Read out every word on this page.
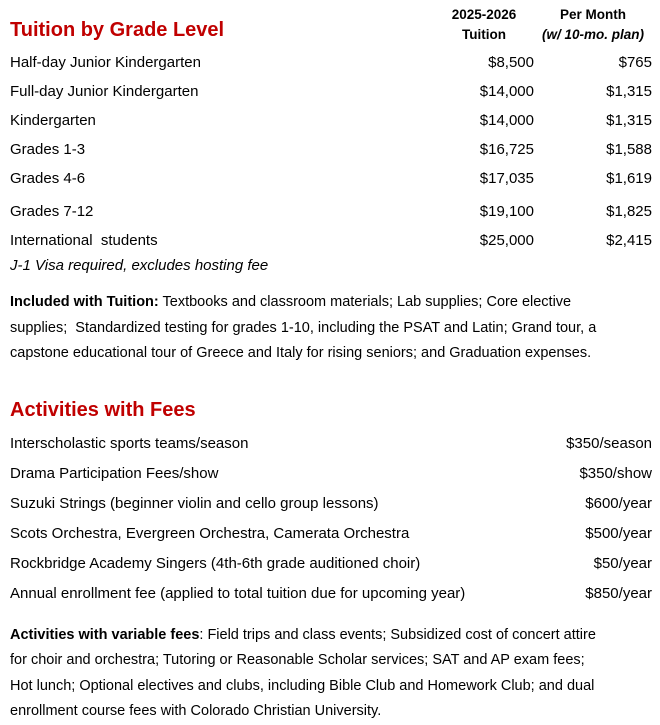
Tuition by Grade Level
2025-2026
Tuition
Per Month
(w/ 10-mo. plan)
Half-day Junior Kindergarten	$8,500	$765
Full-day Junior Kindergarten	$14,000	$1,315
Kindergarten	$14,000	$1,315
Grades 1-3	$16,725	$1,588
Grades 4-6	$17,035	$1,619
Grades 7-12	$19,100	$1,825
International  students	$25,000	$2,415
J-1 Visa required, excludes hosting fee
Included with Tuition: Textbooks and classroom materials; Lab supplies; Core elective
supplies;  Standardized testing for grades 1-10, including the PSAT and Latin; Grand tour, a
capstone educational tour of Greece and Italy for rising seniors; and Graduation expenses.
Activities with Fees
Interscholastic sports teams/season	$350/season
Drama Participation Fees/show	$350/show
Suzuki Strings (beginner violin and cello group lessons)	$600/year
Scots Orchestra, Evergreen Orchestra, Camerata Orchestra	$500/year
Rockbridge Academy Singers (4th-6th grade auditioned choir)	$50/year
Annual enrollment fee (applied to total tuition due for upcoming year)	$850/year
Activities with variable fees: Field trips and class events; Subsidized cost of concert attire
for choir and orchestra; Tutoring or Reasonable Scholar services; SAT and AP exam fees;
Hot lunch; Optional electives and clubs, including Bible Club and Homework Club; and dual
enrollment course fees with Colorado Christian University.
